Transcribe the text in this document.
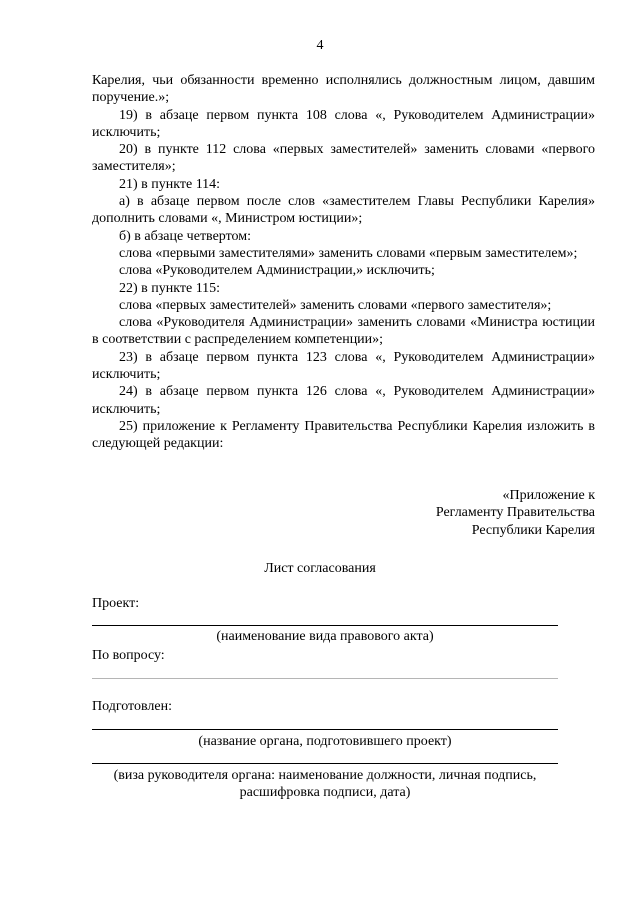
4

Карелия, чьи обязанности временно исполнялись должностным лицом, давшим поручение.»;

19) в абзаце первом пункта 108 слова «, Руководителем Администрации» исключить;

20) в пункте 112 слова «первых заместителей» заменить словами «первого заместителя»;

21) в пункте 114:

а) в абзаце первом после слов «заместителем Главы Республики Карелия» дополнить словами «, Министром юстиции»;

б) в абзаце четвертом:

слова «первыми заместителями» заменить словами «первым заместителем»;

слова «Руководителем Администрации,» исключить;

22) в пункте 115:

слова «первых заместителей» заменить словами «первого заместителя»;

слова «Руководителя Администрации» заменить словами «Министра юстиции в соответствии с распределением компетенции»;

23) в абзаце первом пункта 123 слова «, Руководителем Администрации» исключить;

24) в абзаце первом пункта 126 слова «, Руководителем Администрации» исключить;

25) приложение к Регламенту Правительства Республики Карелия изложить в следующей редакции:

«Приложение к
Регламенту Правительства
Республики Карелия
Лист согласования
Проект:
(наименование вида правового акта)
По вопросу:
Подготовлен:
(название органа, подготовившего проект)
(виза руководителя органа: наименование должности, личная подпись,
расшифровка подписи, дата)
